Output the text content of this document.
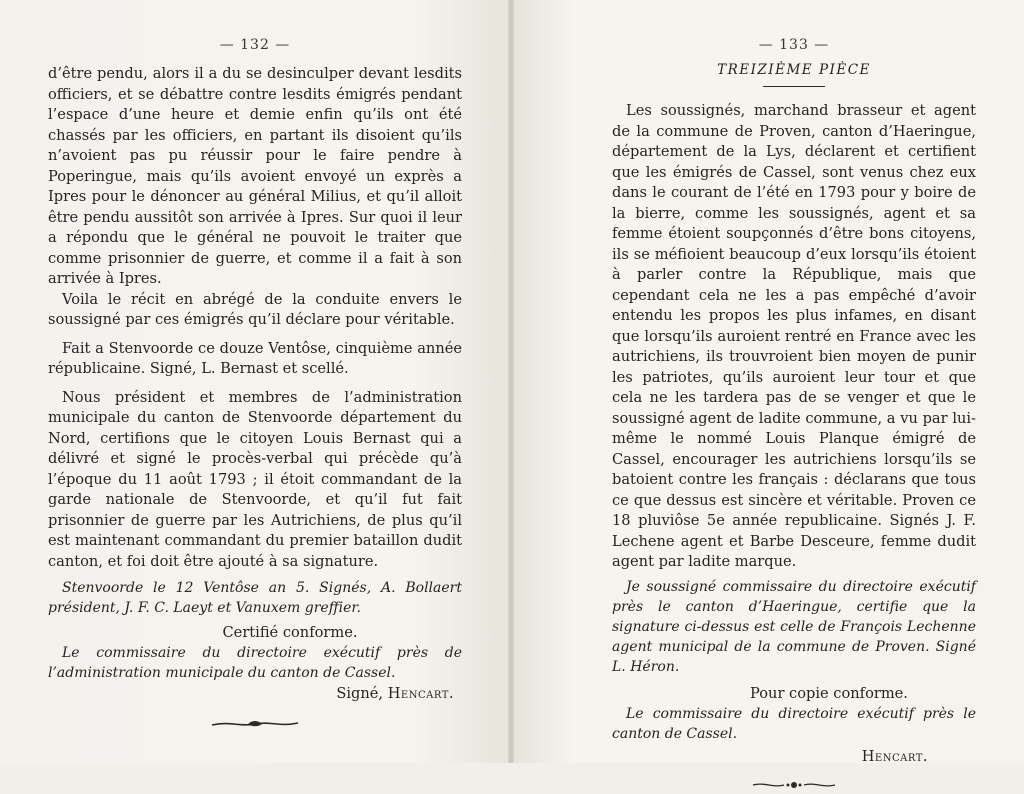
— 132 —

d’être pendu, alors il a du se desinculper devant lesdits officiers, et se débattre contre lesdits émigrés pendant l’espace d’une heure et demie enfin qu’ils ont été chassés par les officiers, en partant ils disoient qu’ils n’avoient pas pu réussir pour le faire pendre à Poperingue, mais qu’ils avoient envoyé un exprès a Ipres pour le dénoncer au général Milius, et qu’il alloit être pendu aussitôt son arrivée à Ipres. Sur quoi il leur a répondu que le général ne pouvoit le traiter que comme prisonnier de guerre, et comme il a fait à son arrivée à Ipres.

Voila le récit en abrégé de la conduite envers le soussigné par ces émigrés qu’il déclare pour véritable.

Fait a Stenvoorde ce douze Ventôse, cinquième année républicaine. Signé, L. Bernast et scellé.

Nous président et membres de l’administration municipale du canton de Stenvoorde département du Nord, certifions que le citoyen Louis Bernast qui a délivré et signé le procès-verbal qui précède qu’à l’époque du 11 août 1793 ; il étoit commandant de la garde nationale de Stenvoorde, et qu’il fut fait prisonnier de guerre par les Autrichiens, de plus qu’il est maintenant commandant du premier bataillon dudit canton, et foi doit être ajouté à sa signature.

Stenvoorde le 12 Ventôse an 5. Signés, A. Bollaert président, J. F. C. Laeyt et Vanuxem greffier.

Certifié conforme.

Le commissaire du directoire exécutif près de l’administration municipale du canton de Cassel.

Signé, Hencart.

— 133 —
TREIZIÈME PIÈCE

Les soussignés, marchand brasseur et agent de la commune de Proven, canton d’Haeringue, département de la Lys, déclarent et certifient que les émigrés de Cassel, sont venus chez eux dans le courant de l’été en 1793 pour y boire de la bierre, comme les soussignés, agent et sa femme étoient soupçonnés d’être bons citoyens, ils se méfioient beaucoup d’eux lorsqu’ils étoient à parler contre la République, mais que cependant cela ne les a pas empêché d’avoir entendu les propos les plus infames, en disant que lorsqu’ils auroient rentré en France avec les autrichiens, ils trouvroient bien moyen de punir les patriotes, qu’ils auroient leur tour et que cela ne les tardera pas de se venger et que le soussigné agent de ladite commune, a vu par lui-même le nommé Louis Planque émigré de Cassel, encourager les autrichiens lorsqu’ils se batoient contre les français : déclarans que tous ce que dessus est sincère et véritable. Proven ce 18 pluviôse 5e année republicaine. Signés J. F. Lechene agent et Barbe Desceure, femme dudit agent par ladite marque.

Je soussigné commissaire du directoire exécutif près le canton d’Haeringue, certifie que la signature ci-dessus est celle de François Lechenne agent municipal de la commune de Proven. Signé L. Héron.

Pour copie conforme.

Le commissaire du directoire exécutif près le canton de Cassel.

Hencart.
